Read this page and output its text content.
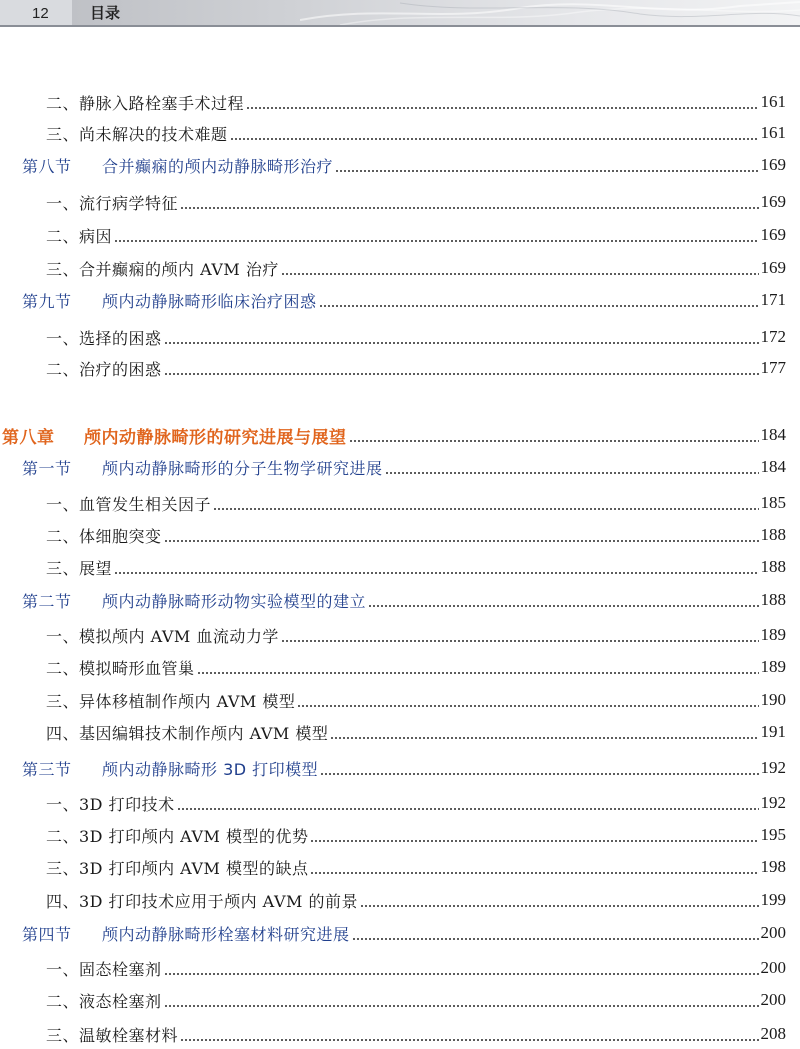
12	目录
二、静脉入路栓塞手术过程	161
三、尚未解决的技术难题	161
第八节 合并癫痫的颅内动静脉畸形治疗	169
一、流行病学特征	169
二、病因	169
三、合并癫痫的颅内 AVM 治疗	169
第九节 颅内动静脉畸形临床治疗困惑	171
一、选择的困惑	172
二、治疗的困惑	177
第八章 颅内动静脉畸形的研究进展与展望	184
第一节 颅内动静脉畸形的分子生物学研究进展	184
一、血管发生相关因子	185
二、体细胞突变	188
三、展望	188
第二节 颅内动静脉畸形动物实验模型的建立	188
一、模拟颅内 AVM 血流动力学	189
二、模拟畸形血管巢	189
三、异体移植制作颅内 AVM 模型	190
四、基因编辑技术制作颅内 AVM 模型	191
第三节 颅内动静脉畸形 3D 打印模型	192
一、3D 打印技术	192
二、3D 打印颅内 AVM 模型的优势	195
三、3D 打印颅内 AVM 模型的缺点	198
四、3D 打印技术应用于颅内 AVM 的前景	199
第四节 颅内动静脉畸形栓塞材料研究进展	200
一、固态栓塞剂	200
二、液态栓塞剂	200
三、温敏栓塞材料	208
